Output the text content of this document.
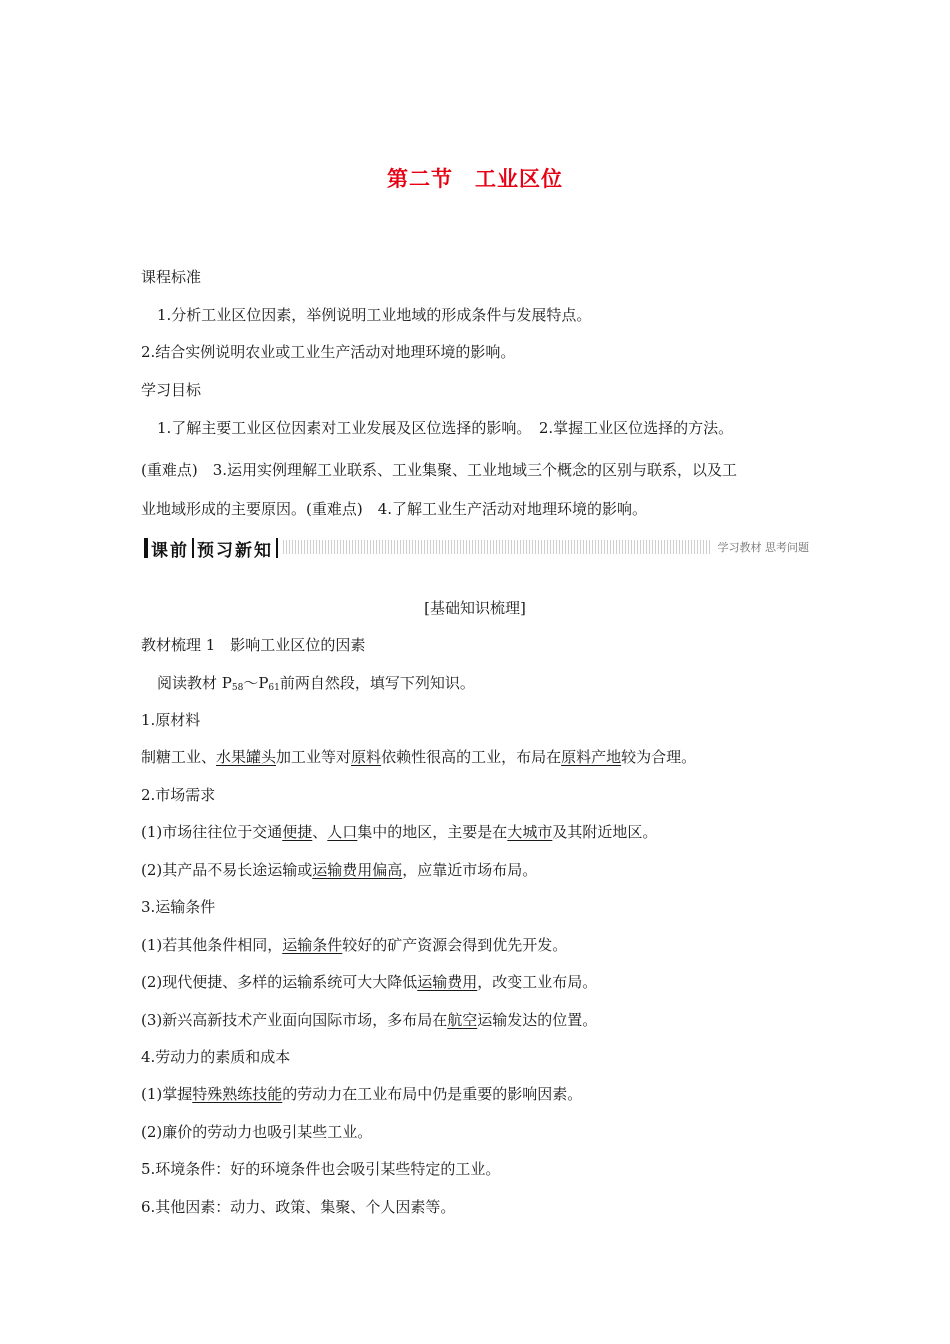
第二节 工业区位
课程标准
1.分析工业区位因素，举例说明工业地域的形成条件与发展特点。
2.结合实例说明农业或工业生产活动对地理环境的影响。
学习目标
1.了解主要工业区位因素对工业发展及区位选择的影响。　2.掌握工业区位选择的方法。
(重难点)　3.运用实例理解工业联系、工业集聚、工业地域三个概念的区别与联系，以及工
业地域形成的主要原因。(重难点)　4.了解工业生产活动对地理环境的影响。
课前 预习新知	学习教材 思考问题
[基础知识梳理]
教材梳理 1　影响工业区位的因素
阅读教材 $P_{58}\sim P_{61}$前两自然段，填写下列知识。
1.原材料
制糖工业、水果罐头加工业等对原料依赖性很高的工业，布局在原料产地较为合理。
2.市场需求
(1)市场往往位于交通便捷、人口集中的地区，主要是在大城市及其附近地区。
(2)其产品不易长途运输或运输费用偏高，应靠近市场布局。
3.运输条件
(1)若其他条件相同，运输条件较好的矿产资源会得到优先开发。
(2)现代便捷、多样的运输系统可大大降低运输费用，改变工业布局。
(3)新兴高新技术产业面向国际市场，多布局在航空运输发达的位置。
4.劳动力的素质和成本
(1)掌握特殊熟练技能的劳动力在工业布局中仍是重要的影响因素。
(2)廉价的劳动力也吸引某些工业。
5.环境条件：好的环境条件也会吸引某些特定的工业。
6.其他因素：动力、政策、集聚、个人因素等。
